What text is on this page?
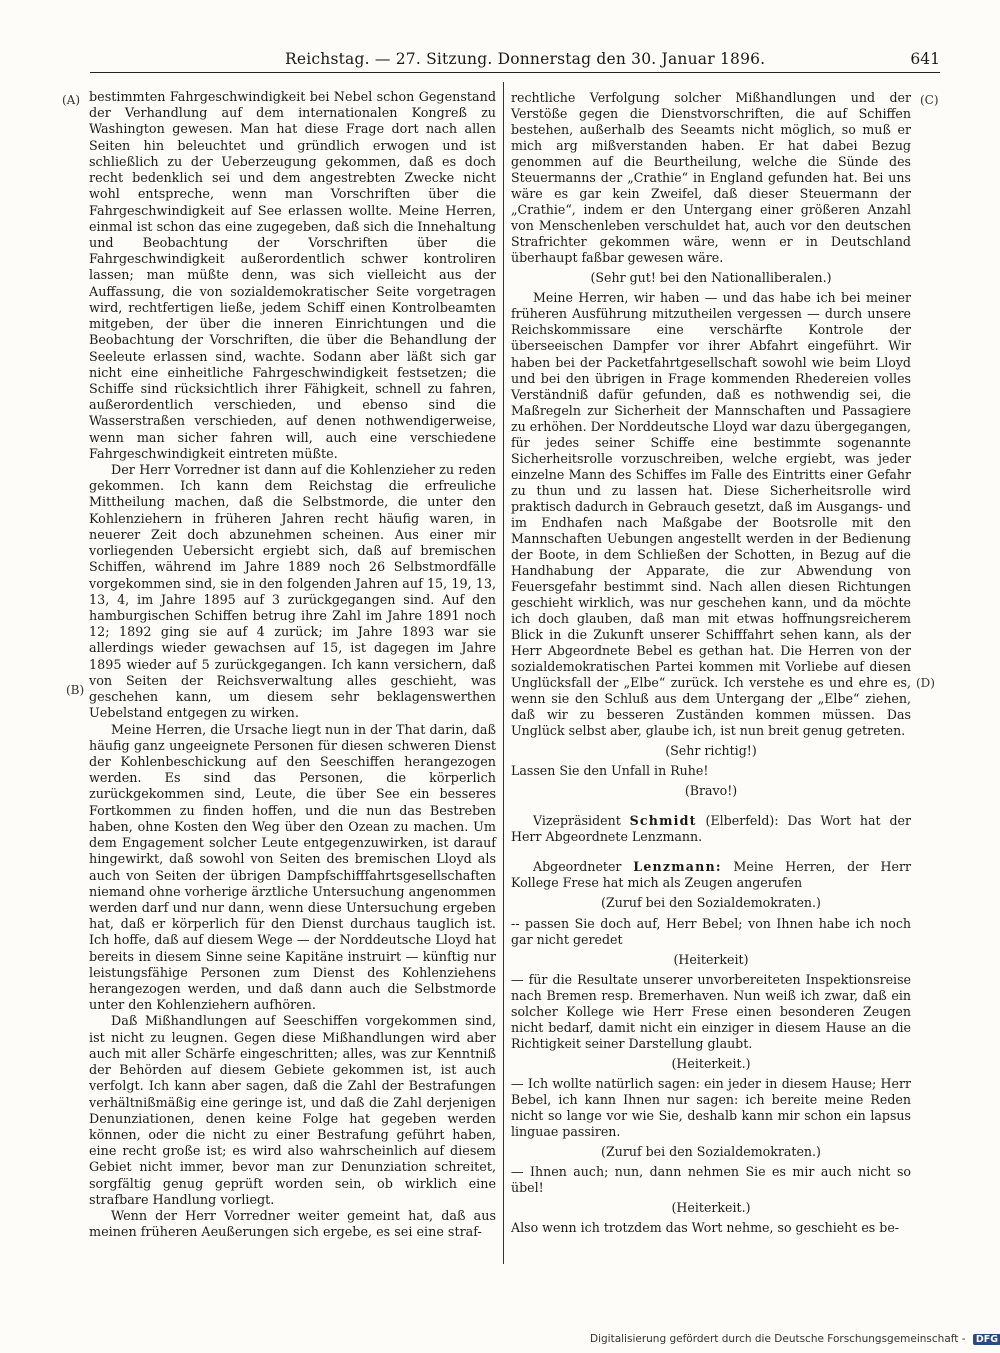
Reichstag. — 27. Sitzung. Donnerstag den 30. Januar 1896.	641
(A)
(B)
(C)
(D)

bestimmten Fahrgeschwindigkeit bei Nebel schon Gegenstand der Verhandlung auf dem internationalen Kongreß zu Washington gewesen. Man hat diese Frage dort nach allen Seiten hin beleuchtet und gründlich erwogen und ist schließlich zu der Ueberzeugung gekommen, daß es doch recht bedenklich sei und dem angestrebten Zwecke nicht wohl entspreche, wenn man Vorschriften über die Fahrgeschwindigkeit auf See erlassen wollte. Meine Herren, einmal ist schon das eine zugegeben, daß sich die Innehaltung und Beobachtung der Vorschriften über die Fahrgeschwindigkeit außerordentlich schwer kontroliren lassen; man müßte denn, was sich vielleicht aus der Auffassung, die von sozialdemokratischer Seite vorgetragen wird, rechtfertigen ließe, jedem Schiff einen Kontrolbeamten mitgeben, der über die inneren Einrichtungen und die Beobachtung der Vorschriften, die über die Behandlung der Seeleute erlassen sind, wachte. Sodann aber läßt sich gar nicht eine einheitliche Fahrgeschwindigkeit festsetzen; die Schiffe sind rücksichtlich ihrer Fähigkeit, schnell zu fahren, außerordentlich verschieden, und ebenso sind die Wasserstraßen verschieden, auf denen nothwendigerweise, wenn man sicher fahren will, auch eine verschiedene Fahrgeschwindigkeit eintreten müßte.

Der Herr Vorredner ist dann auf die Kohlenzieher zu reden gekommen. Ich kann dem Reichstag die erfreuliche Mittheilung machen, daß die Selbstmorde, die unter den Kohlenziehern in früheren Jahren recht häufig waren, in neuerer Zeit doch abzunehmen scheinen. Aus einer mir vorliegenden Uebersicht ergiebt sich, daß auf bremischen Schiffen, während im Jahre 1889 noch 26 Selbstmordfälle vorgekommen sind, sie in den folgenden Jahren auf 15, 19, 13, 13, 4, im Jahre 1895 auf 3 zurückgegangen sind. Auf den hamburgischen Schiffen betrug ihre Zahl im Jahre 1891 noch 12; 1892 ging sie auf 4 zurück; im Jahre 1893 war sie allerdings wieder gewachsen auf 15, ist dagegen im Jahre 1895 wieder auf 5 zurückgegangen. Ich kann versichern, daß von Seiten der Reichsverwaltung alles geschieht, was geschehen kann, um diesem sehr beklagenswerthen Uebelstand entgegen zu wirken.

Meine Herren, die Ursache liegt nun in der That darin, daß häufig ganz ungeeignete Personen für diesen schweren Dienst der Kohlenbeschickung auf den Seeschiffen herangezogen werden. Es sind das Personen, die körperlich zurückgekommen sind, Leute, die über See ein besseres Fortkommen zu finden hoffen, und die nun das Bestreben haben, ohne Kosten den Weg über den Ozean zu machen. Um dem Engagement solcher Leute entgegenzuwirken, ist darauf hingewirkt, daß sowohl von Seiten des bremischen Lloyd als auch von Seiten der übrigen Dampfschifffahrtsgesellschaften niemand ohne vorherige ärztliche Untersuchung angenommen werden darf und nur dann, wenn diese Untersuchung ergeben hat, daß er körperlich für den Dienst durchaus tauglich ist. Ich hoffe, daß auf diesem Wege — der Norddeutsche Lloyd hat bereits in diesem Sinne seine Kapitäne instruirt — künftig nur leistungsfähige Personen zum Dienst des Kohlenziehens herangezogen werden, und daß dann auch die Selbstmorde unter den Kohlenziehern aufhören.

Daß Mißhandlungen auf Seeschiffen vorgekommen sind, ist nicht zu leugnen. Gegen diese Mißhandlungen wird aber auch mit aller Schärfe eingeschritten; alles, was zur Kenntniß der Behörden auf diesem Gebiete gekommen ist, ist auch verfolgt. Ich kann aber sagen, daß die Zahl der Bestrafungen verhältnißmäßig eine geringe ist, und daß die Zahl derjenigen Denunziationen, denen keine Folge hat gegeben werden können, oder die nicht zu einer Bestrafung geführt haben, eine recht große ist; es wird also wahrscheinlich auf diesem Gebiet nicht immer, bevor man zur Denunziation schreitet, sorgfältig genug geprüft worden sein, ob wirklich eine strafbare Handlung vorliegt.

Wenn der Herr Vorredner weiter gemeint hat, daß aus meinen früheren Aeußerungen sich ergebe, es sei eine straf-

rechtliche Verfolgung solcher Mißhandlungen und der Verstöße gegen die Dienstvorschriften, die auf Schiffen bestehen, außerhalb des Seeamts nicht möglich, so muß er mich arg mißverstanden haben. Er hat dabei Bezug genommen auf die Beurtheilung, welche die Sünde des Steuermanns der „Crathie“ in England gefunden hat. Bei uns wäre es gar kein Zweifel, daß dieser Steuermann der „Crathie“, indem er den Untergang einer größeren Anzahl von Menschenleben verschuldet hat, auch vor den deutschen Strafrichter gekommen wäre, wenn er in Deutschland überhaupt faßbar gewesen wäre.

(Sehr gut! bei den Nationalliberalen.)

Meine Herren, wir haben — und das habe ich bei meiner früheren Ausführung mitzutheilen vergessen — durch unsere Reichskommissare eine verschärfte Kontrole der überseeischen Dampfer vor ihrer Abfahrt eingeführt. Wir haben bei der Packetfahrtgesellschaft sowohl wie beim Lloyd und bei den übrigen in Frage kommenden Rhedereien volles Verständniß dafür gefunden, daß es nothwendig sei, die Maßregeln zur Sicherheit der Mannschaften und Passagiere zu erhöhen. Der Norddeutsche Lloyd war dazu übergegangen, für jedes seiner Schiffe eine bestimmte sogenannte Sicherheitsrolle vorzuschreiben, welche ergiebt, was jeder einzelne Mann des Schiffes im Falle des Eintritts einer Gefahr zu thun und zu lassen hat. Diese Sicherheitsrolle wird praktisch dadurch in Gebrauch gesetzt, daß im Ausgangs- und im Endhafen nach Maßgabe der Bootsrolle mit den Mannschaften Uebungen angestellt werden in der Bedienung der Boote, in dem Schließen der Schotten, in Bezug auf die Handhabung der Apparate, die zur Abwendung von Feuersgefahr bestimmt sind. Nach allen diesen Richtungen geschieht wirklich, was nur geschehen kann, und da möchte ich doch glauben, daß man mit etwas hoffnungsreicherem Blick in die Zukunft unserer Schifffahrt sehen kann, als der Herr Abgeordnete Bebel es gethan hat. Die Herren von der sozialdemokratischen Partei kommen mit Vorliebe auf diesen Unglücksfall der „Elbe“ zurück. Ich verstehe es und ehre es, wenn sie den Schluß aus dem Untergang der „Elbe“ ziehen, daß wir zu besseren Zuständen kommen müssen. Das Unglück selbst aber, glaube ich, ist nun breit genug getreten.

(Sehr richtig!)

Lassen Sie den Unfall in Ruhe!

(Bravo!)

Vizepräsident Schmidt (Elberfeld): Das Wort hat der Herr Abgeordnete Lenzmann.

Abgeordneter Lenzmann: Meine Herren, der Herr Kollege Frese hat mich als Zeugen angerufen

(Zuruf bei den Sozialdemokraten.)

-- passen Sie doch auf, Herr Bebel; von Ihnen habe ich noch gar nicht geredet

(Heiterkeit)

— für die Resultate unserer unvorbereiteten Inspektionsreise nach Bremen resp. Bremerhaven. Nun weiß ich zwar, daß ein solcher Kollege wie Herr Frese einen besonderen Zeugen nicht bedarf, damit nicht ein einziger in diesem Hause an die Richtigkeit seiner Darstellung glaubt.

(Heiterkeit.)

— Ich wollte natürlich sagen: ein jeder in diesem Hause; Herr Bebel, ich kann Ihnen nur sagen: ich bereite meine Reden nicht so lange vor wie Sie, deshalb kann mir schon ein lapsus linguae passiren.

(Zuruf bei den Sozialdemokraten.)

— Ihnen auch; nun, dann nehmen Sie es mir auch nicht so übel!

(Heiterkeit.)

Also wenn ich trotzdem das Wort nehme, so geschieht es be-

Digitalisierung gefördert durch die Deutsche Forschungsgemeinschaft - DFG
